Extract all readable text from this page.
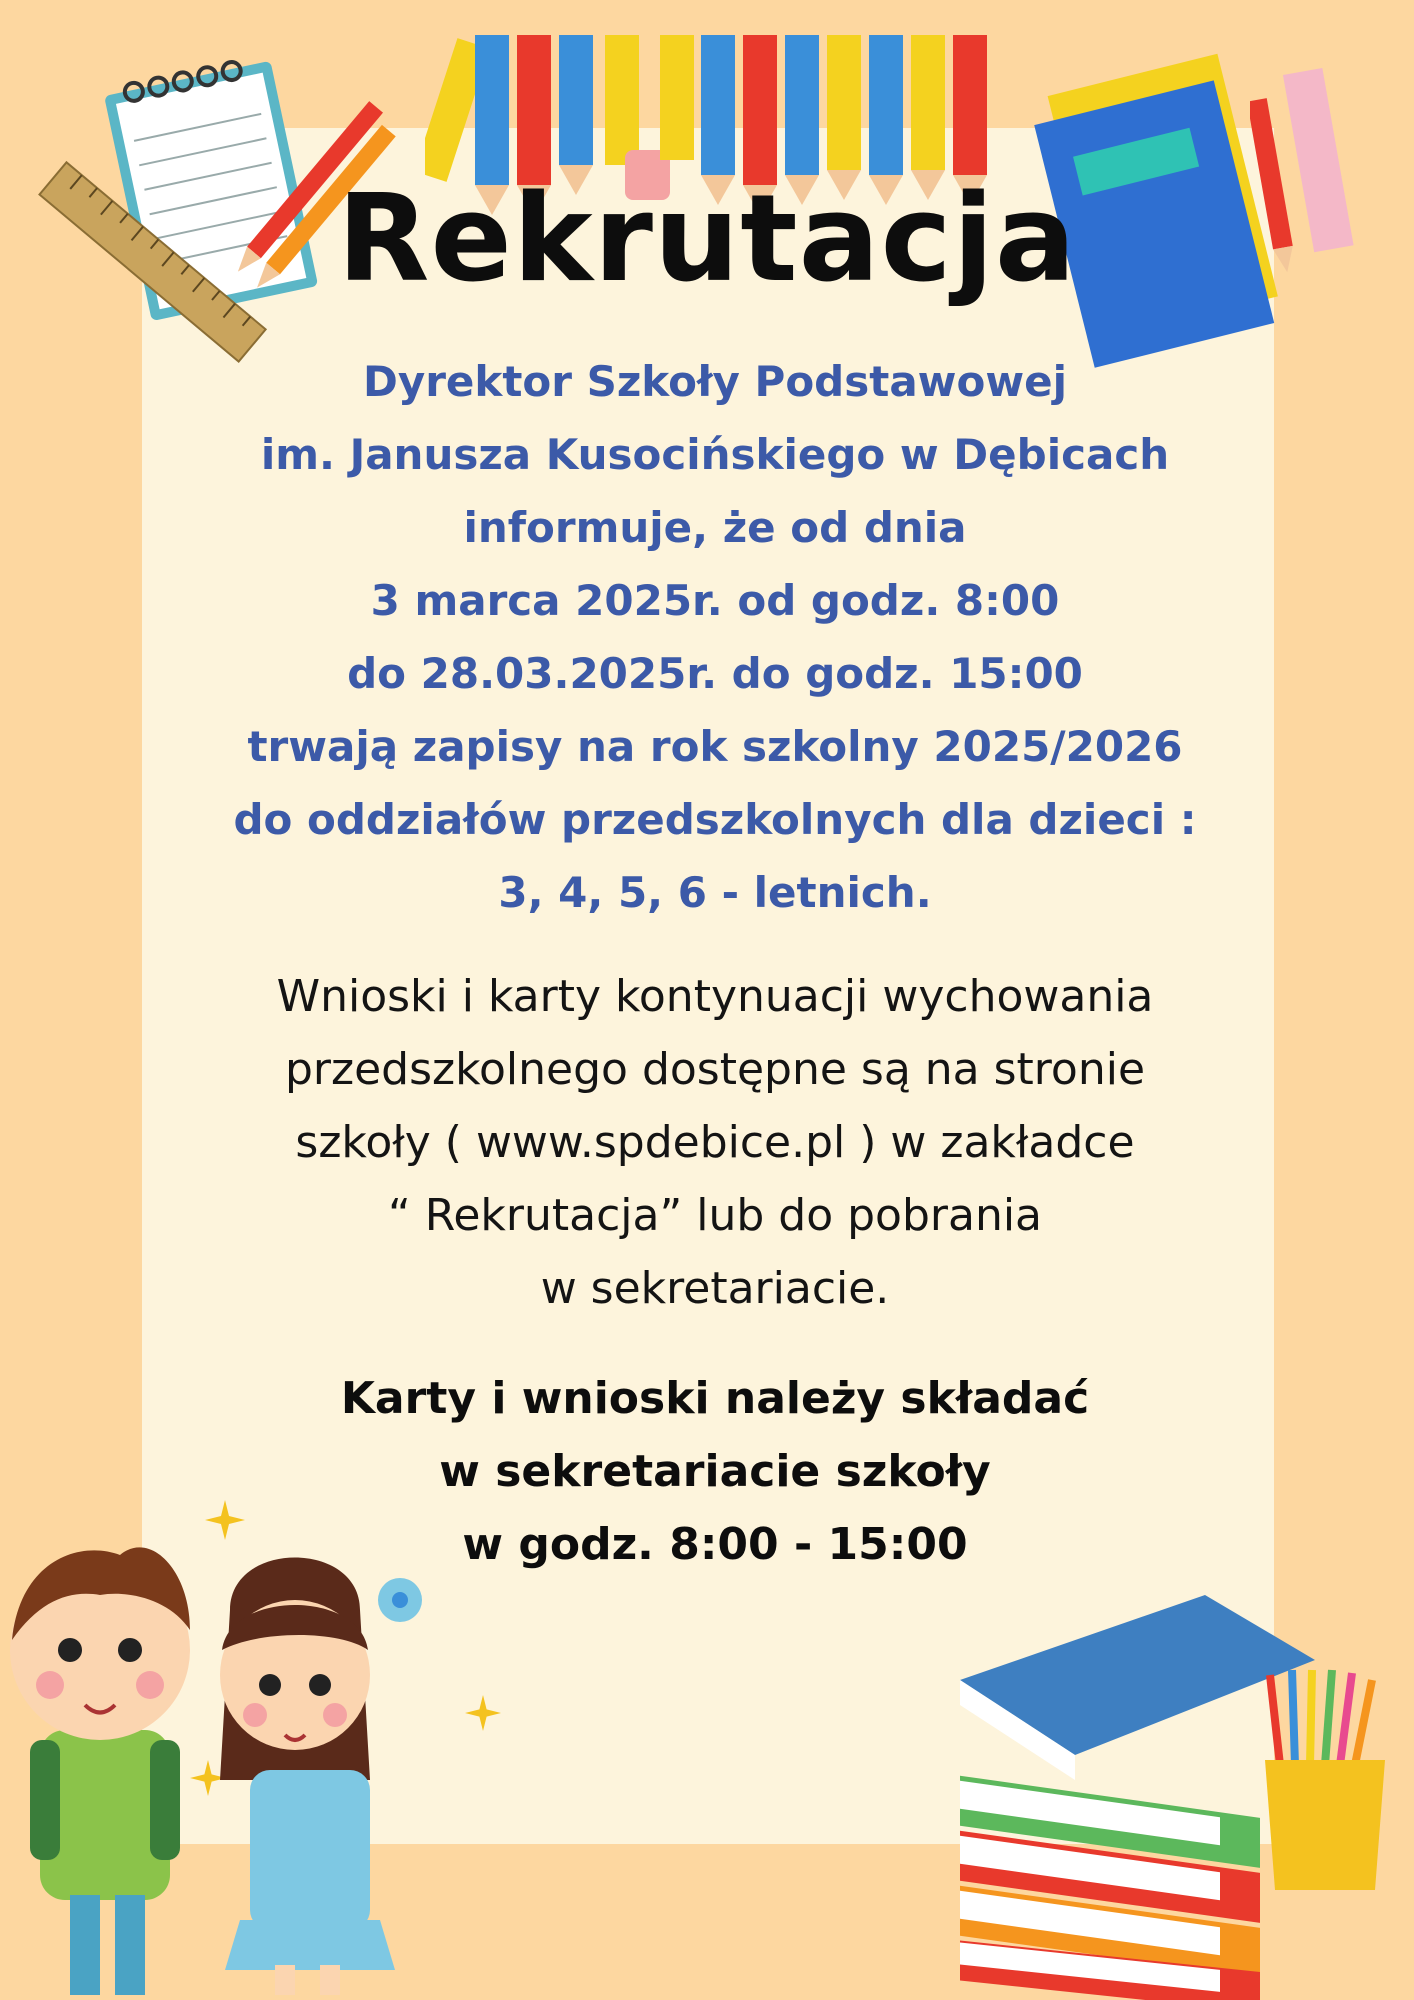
Rekrutacja
Dyrektor Szkoły Podstawowej
im. Janusza Kusocińskiego w Dębicach
informuje, że od dnia
3 marca 2025r. od godz. 8:00
do 28.03.2025r. do godz. 15:00
trwają zapisy na rok szkolny 2025/2026
do oddziałów przedszkolnych dla dzieci :
3, 4, 5, 6 - letnich.
Wnioski i karty kontynuacji wychowania
przedszkolnego dostępne są na stronie
szkoły ( www.spdebice.pl ) w zakładce
“ Rekrutacja” lub do pobrania
w sekretariacie.
Karty i wnioski należy składać
w sekretariacie szkoły
w godz. 8:00 - 15:00
